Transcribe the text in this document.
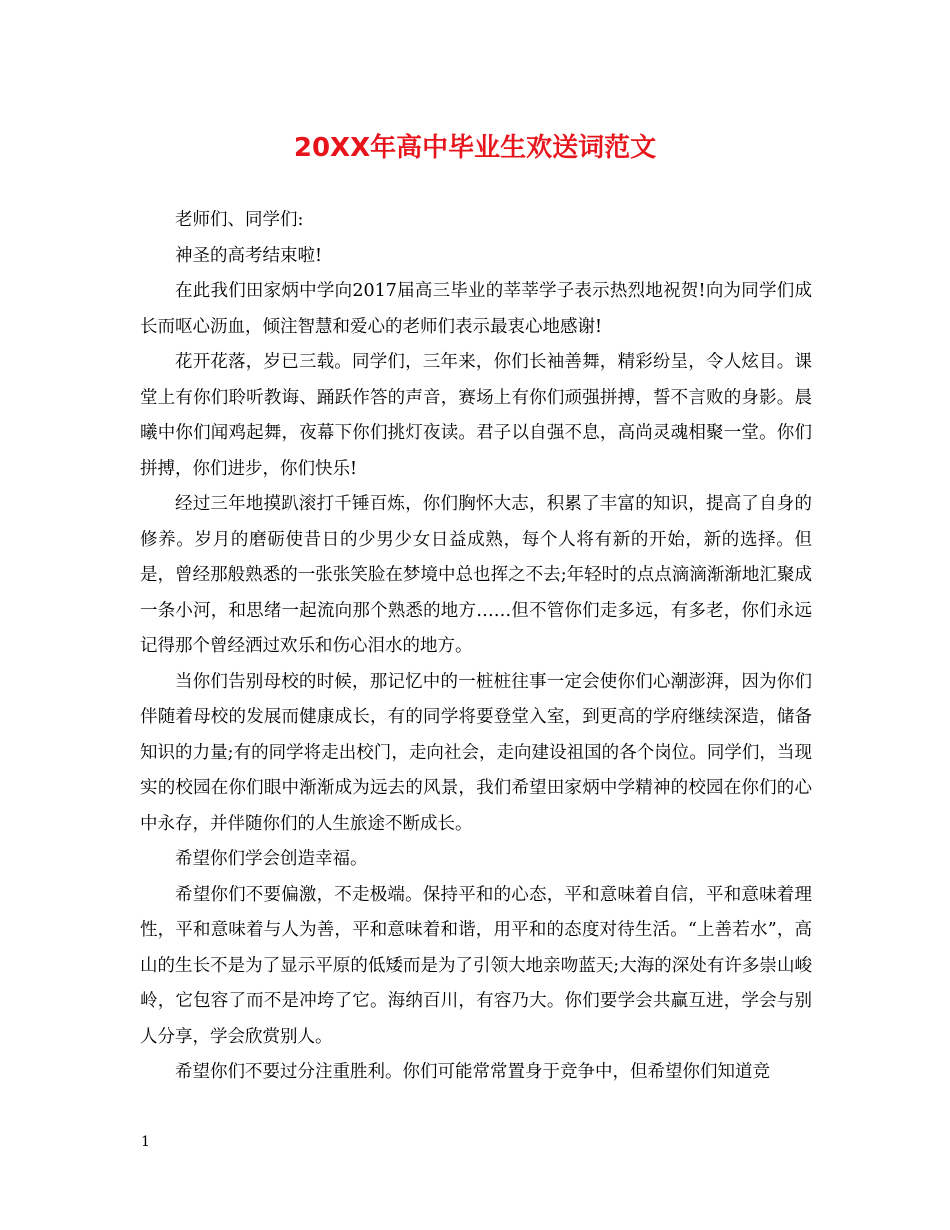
20XX年高中毕业生欢送词范文

老师们、同学们:

神圣的高考结束啦!

在此我们田家炳中学向2017届高三毕业的莘莘学子表示热烈地祝贺!向为同学们成长而呕心沥血，倾注智慧和爱心的老师们表示最衷心地感谢!

花开花落，岁已三载。同学们，三年来，你们长袖善舞，精彩纷呈，令人炫目。课堂上有你们聆听教诲、踊跃作答的声音，赛场上有你们顽强拼搏，誓不言败的身影。晨曦中你们闻鸡起舞，夜幕下你们挑灯夜读。君子以自强不息，高尚灵魂相聚一堂。你们拼搏，你们进步，你们快乐!

经过三年地摸趴滚打千锤百炼，你们胸怀大志，积累了丰富的知识，提高了自身的修养。岁月的磨砺使昔日的少男少女日益成熟，每个人将有新的开始，新的选择。但是，曾经那般熟悉的一张张笑脸在梦境中总也挥之不去;年轻时的点点滴滴渐渐地汇聚成一条小河，和思绪一起流向那个熟悉的地方……但不管你们走多远，有多老，你们永远记得那个曾经洒过欢乐和伤心泪水的地方。

当你们告别母校的时候，那记忆中的一桩桩往事一定会使你们心潮澎湃，因为你们伴随着母校的发展而健康成长，有的同学将要登堂入室，到更高的学府继续深造，储备知识的力量;有的同学将走出校门，走向社会，走向建设祖国的各个岗位。同学们，当现实的校园在你们眼中渐渐成为远去的风景，我们希望田家炳中学精神的校园在你们的心中永存，并伴随你们的人生旅途不断成长。

希望你们学会创造幸福。

希望你们不要偏激，不走极端。保持平和的心态，平和意味着自信，平和意味着理性，平和意味着与人为善，平和意味着和谐，用平和的态度对待生活。“上善若水”，高山的生长不是为了显示平原的低矮而是为了引领大地亲吻蓝天;大海的深处有许多崇山峻岭，它包容了而不是冲垮了它。海纳百川，有容乃大。你们要学会共赢互进，学会与别人分享，学会欣赏别人。

希望你们不要过分注重胜利。你们可能常常置身于竞争中，但希望你们知道竞

1
